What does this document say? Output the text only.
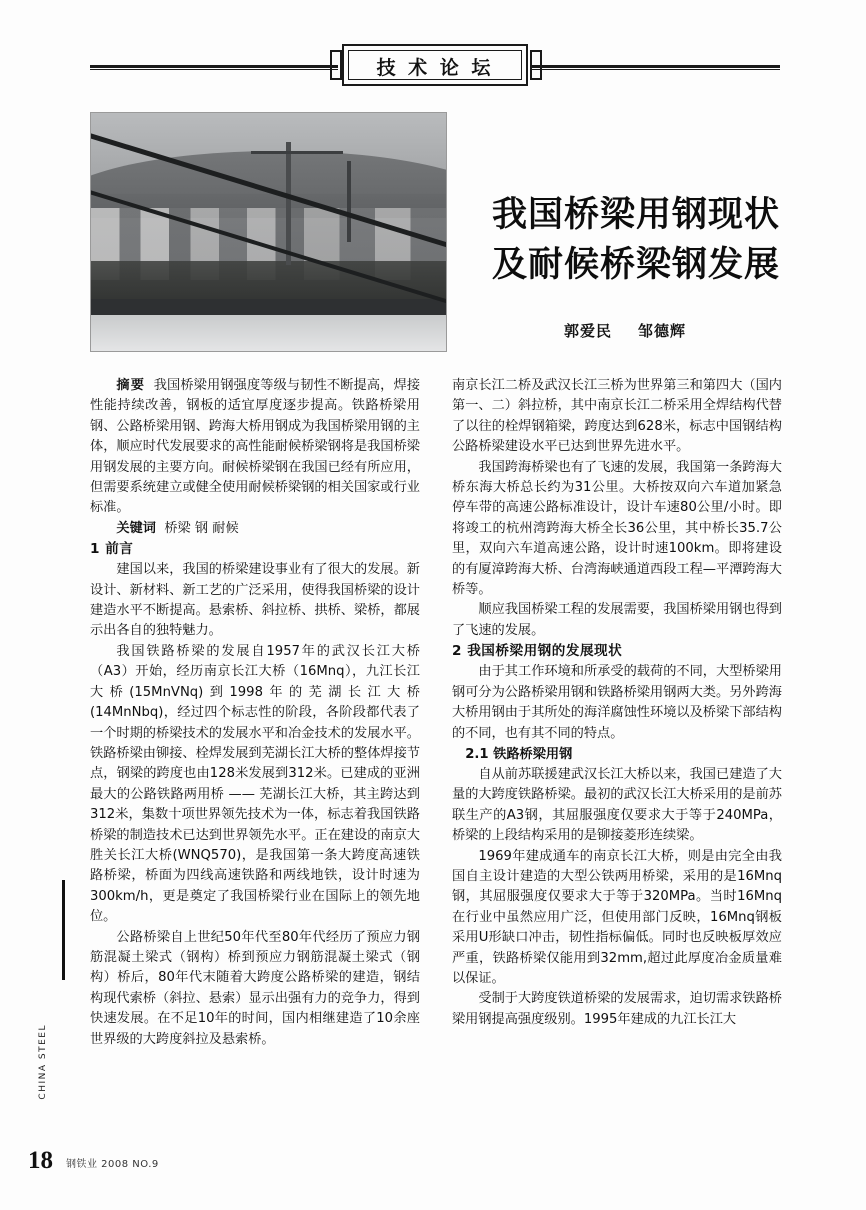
技 术 论 坛
我国桥梁用钢现状
及耐候桥梁钢发展
郭爱民 邹德辉

摘要 我国桥梁用钢强度等级与韧性不断提高，焊接性能持续改善，钢板的适宜厚度逐步提高。铁路桥梁用钢、公路桥梁用钢、跨海大桥用钢成为我国桥梁用钢的主体，顺应时代发展要求的高性能耐候桥梁钢将是我国桥梁用钢发展的主要方向。耐候桥梁钢在我国已经有所应用，但需要系统建立或健全使用耐候桥梁钢的相关国家或行业标准。

关键词 桥梁 钢 耐候

1 前言

建国以来，我国的桥梁建设事业有了很大的发展。新设计、新材料、新工艺的广泛采用，使得我国桥梁的设计建造水平不断提高。悬索桥、斜拉桥、拱桥、梁桥，都展示出各自的独特魅力。

我国铁路桥梁的发展自1957年的武汉长江大桥（A3）开始，经历南京长江大桥（16Mnq），九江长江大桥(15MnVNq)到1998年的芜湖长江大桥(14MnNbq)，经过四个标志性的阶段，各阶段都代表了一个时期的桥梁技术的发展水平和冶金技术的发展水平。铁路桥梁由铆接、栓焊发展到芜湖长江大桥的整体焊接节点，钢梁的跨度也由128米发展到312米。已建成的亚洲最大的公路铁路两用桥 —— 芜湖长江大桥，其主跨达到312米，集数十项世界领先技术为一体，标志着我国铁路桥梁的制造技术已达到世界领先水平。正在建设的南京大胜关长江大桥(WNQ570)，是我国第一条大跨度高速铁路桥梁，桥面为四线高速铁路和两线地铁，设计时速为300km/h，更是奠定了我国桥梁行业在国际上的领先地位。

公路桥梁自上世纪50年代至80年代经历了预应力钢筋混凝土梁式（钢构）桥到预应力钢筋混凝土梁式（钢构）桥后，80年代末随着大跨度公路桥梁的建造，钢结构现代索桥（斜拉、悬索）显示出强有力的竞争力，得到快速发展。在不足10年的时间，国内相继建造了10余座世界级的大跨度斜拉及悬索桥。

南京长江二桥及武汉长江三桥为世界第三和第四大（国内第一、二）斜拉桥，其中南京长江二桥采用全焊结构代替了以往的栓焊钢箱梁，跨度达到628米，标志中国钢结构公路桥梁建设水平已达到世界先进水平。

我国跨海桥梁也有了飞速的发展，我国第一条跨海大桥东海大桥总长约为31公里。大桥按双向六车道加紧急停车带的高速公路标准设计，设计车速80公里/小时。即将竣工的杭州湾跨海大桥全长36公里，其中桥长35.7公里，双向六车道高速公路，设计时速100km。即将建设的有厦漳跨海大桥、台湾海峡通道西段工程—平潭跨海大桥等。

顺应我国桥梁工程的发展需要，我国桥梁用钢也得到了飞速的发展。

2 我国桥梁用钢的发展现状

由于其工作环境和所承受的载荷的不同，大型桥梁用钢可分为公路桥梁用钢和铁路桥梁用钢两大类。另外跨海大桥用钢由于其所处的海洋腐蚀性环境以及桥梁下部结构的不同，也有其不同的特点。

2.1 铁路桥梁用钢

自从前苏联援建武汉长江大桥以来，我国已建造了大量的大跨度铁路桥梁。最初的武汉长江大桥采用的是前苏联生产的A3钢，其屈服强度仅要求大于等于240MPa，桥梁的上段结构采用的是铆接菱形连续梁。

1969年建成通车的南京长江大桥，则是由完全由我国自主设计建造的大型公铁两用桥梁，采用的是16Mnq钢，其屈服强度仅要求大于等于320MPa。当时16Mnq在行业中虽然应用广泛，但使用部门反映，16Mnq钢板采用U形缺口冲击，韧性指标偏低。同时也反映板厚效应严重，铁路桥梁仅能用到32mm,超过此厚度冶金质量难以保证。

受制于大跨度铁道桥梁的发展需求，迫切需求铁路桥梁用钢提高强度级别。1995年建成的九江长江大

CHINA STEEL
18 钢铁业 2008 NO.9
